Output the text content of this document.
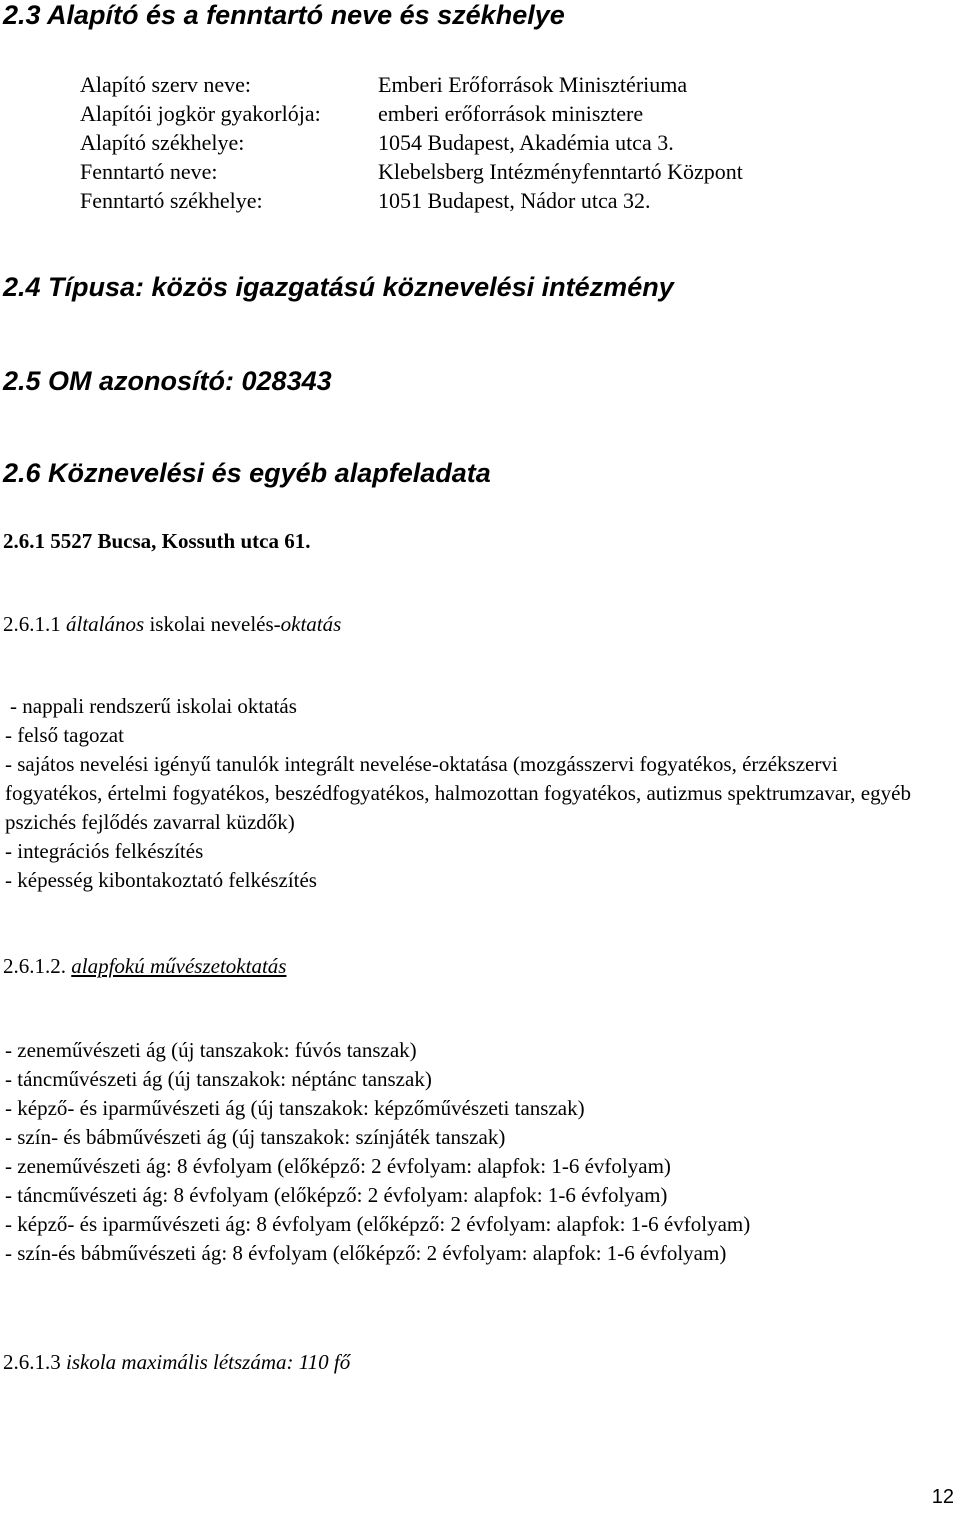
2.3 Alapító és a fenntartó neve és székhelye
Alapító szerv neve:	Emberi Erőforrások Minisztériuma
Alapítói jogkör gyakorlója:	emberi erőforrások minisztere
Alapító székhelye:	1054 Budapest, Akadémia utca 3.
Fenntartó neve:	Klebelsberg Intézményfenntartó Központ
Fenntartó székhelye:	1051 Budapest, Nádor utca 32.
2.4 Típusa: közös igazgatású köznevelési intézmény
2.5 OM azonosító: 028343
2.6 Köznevelési és egyéb alapfeladata
2.6.1 5527 Bucsa, Kossuth utca 61.
2.6.1.1 általános iskolai nevelés-oktatás
- nappali rendszerű iskolai oktatás
- felső tagozat
- sajátos nevelési igényű tanulók integrált nevelése-oktatása (mozgásszervi fogyatékos, érzékszervi fogyatékos, értelmi fogyatékos, beszédfogyatékos, halmozottan fogyatékos, autizmus spektrumzavar, egyéb pszichés fejlődés zavarral küzdők)
- integrációs felkészítés
- képesség kibontakoztató felkészítés
2.6.1.2. alapfokú művészetoktatás
- zeneművészeti ág (új tanszakok: fúvós tanszak)
- táncművészeti ág (új tanszakok: néptánc tanszak)
- képző- és iparművészeti ág (új tanszakok: képzőművészeti tanszak)
- szín- és bábművészeti ág (új tanszakok: színjáték tanszak)
- zeneművészeti ág: 8 évfolyam (előképző: 2 évfolyam: alapfok: 1-6 évfolyam)
- táncművészeti ág: 8 évfolyam (előképző: 2 évfolyam: alapfok: 1-6 évfolyam)
- képző- és iparművészeti ág: 8 évfolyam (előképző: 2 évfolyam: alapfok: 1-6 évfolyam)
- szín-és bábművészeti ág: 8 évfolyam (előképző: 2 évfolyam: alapfok: 1-6 évfolyam)
2.6.1.3 iskola maximális létszáma: 110 fő
12
